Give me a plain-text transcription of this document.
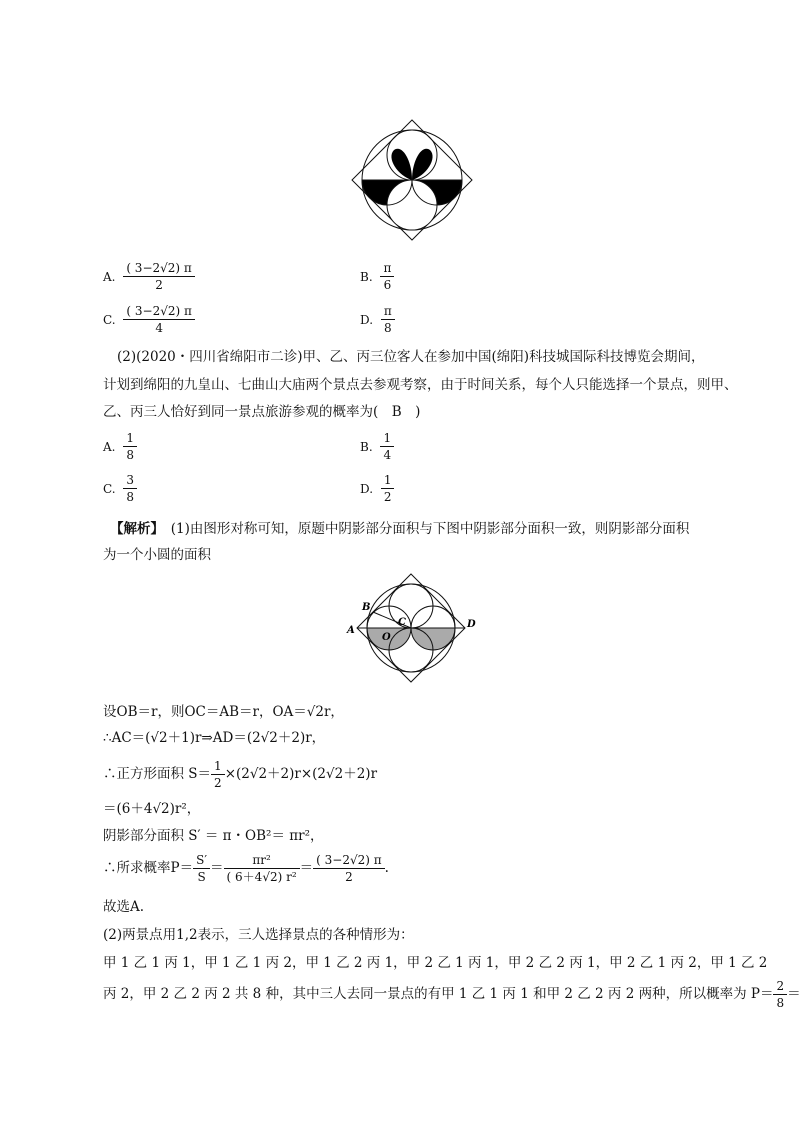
A. $\frac{( 3-2√2) \pi}{2}$	B. $\frac{\pi}{6}$
C. $\frac{( 3-2√2) \pi}{4}$	D. $\frac{\pi}{8}$
(2)(2020・四川省绵阳市二诊)甲、乙、丙三位客人在参加中国(绵阳)科技城国际科技博览会期间，
计划到绵阳的九皇山、七曲山大庙两个景点去参观考察，由于时间关系，每个人只能选择一个景点，则甲、
乙、丙三人恰好到同一景点旅游参观的概率为(　B　)
A. $\frac{1}{8}$	B. $\frac{1}{4}$
C. $\frac{3}{8}$	D. $\frac{1}{2}$
【解析】　(1)由图形对称可知，原题中阴影部分面积与下图中阴影部分面积一致，则阴影部分面积
为一个小圆的面积
A
B
C	D
O
设OB＝r，则OC＝AB＝r，OA＝√2r，
∴AC＝(√2＋1)r⇒AD＝(2√2＋2)r，
∴正方形面积 $S= \frac{1}{2} \times(2√2+2)r\times(2√2+2)r$
＝(6＋4√2)r²，
阴影部分面积 S′ ＝ π・OB²＝ πr²，
∴所求概率$P= \frac{S'}{S} = \frac{\text{πr²}}{\text{( 6＋4√2) r²}} = \frac{( 3-2√2) \pi}{2}$ .
故选A.
(2)两景点用1,2表示，三人选择景点的各种情形为：
甲 1 乙 1 丙 1，甲 1 乙 1 丙 2，甲 1 乙 2 丙 1，甲 2 乙 1 丙 1，甲 2 乙 2 丙 1，甲 2 乙 1 丙 2，甲 1 乙 2
丙 2，甲 2 乙 2 丙 2 共 8 种，其中三人去同一景点的有甲 1 乙 1 丙 1 和甲 2 乙 2 丙 2 两种，所以概率为 $P= \frac{2}{8}$ ＝
